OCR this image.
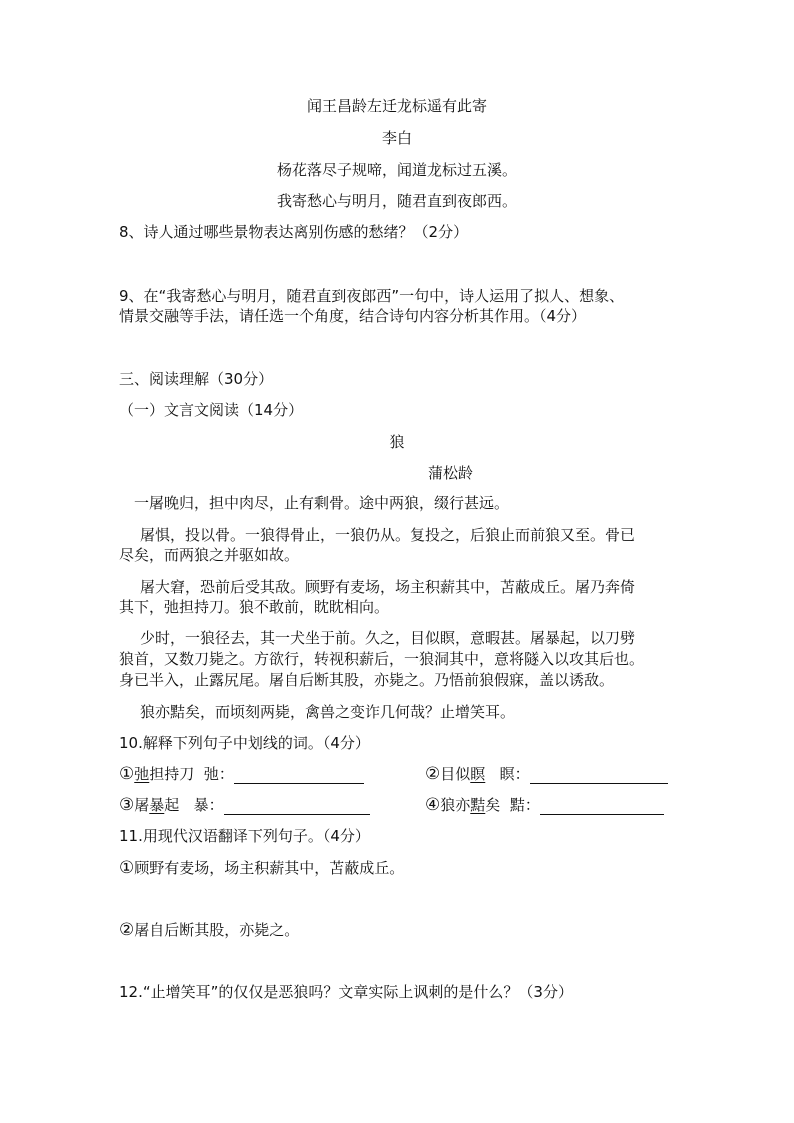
闻王昌龄左迁龙标遥有此寄
李白
杨花落尽子规啼，闻道龙标过五溪。
我寄愁心与明月，随君直到夜郎西。
8、诗人通过哪些景物表达离别伤感的愁绪？（2分）
9、在“我寄愁心与明月，随君直到夜郎西”一句中，诗人运用了拟人、想象、
情景交融等手法，请任选一个角度，结合诗句内容分析其作用。（4分）
三、阅读理解（30分）
（一）文言文阅读（14分）
狼
蒲松龄
一屠晚归，担中肉尽，止有剩骨。途中两狼，缀行甚远。
屠惧，投以骨。一狼得骨止，一狼仍从。复投之，后狼止而前狼又至。骨已
尽矣，而两狼之并驱如故。
屠大窘，恐前后受其敌。顾野有麦场，场主积薪其中，苫蔽成丘。屠乃奔倚
其下，弛担持刀。狼不敢前，眈眈相向。
少时，一狼径去，其一犬坐于前。久之，目似瞑，意暇甚。屠暴起，以刀劈
狼首，又数刀毙之。方欲行，转视积薪后，一狼洞其中，意将隧入以攻其后也。
身已半入，止露尻尾。屠自后断其股，亦毙之。乃悟前狼假寐，盖以诱敌。
狼亦黠矣，而顷刻两毙，禽兽之变诈几何哉？止增笑耳。
10.解释下列句子中划线的词。（4分）
①弛担持刀 弛：	②目似瞑 瞑：
③屠暴起 暴：	④狼亦黠矣 黠：
11.用现代汉语翻译下列句子。（4分）
①顾野有麦场，场主积薪其中，苫蔽成丘。
②屠自后断其股，亦毙之。
12.“止增笑耳”的仅仅是恶狼吗？文章实际上讽刺的是什么？（3分）
